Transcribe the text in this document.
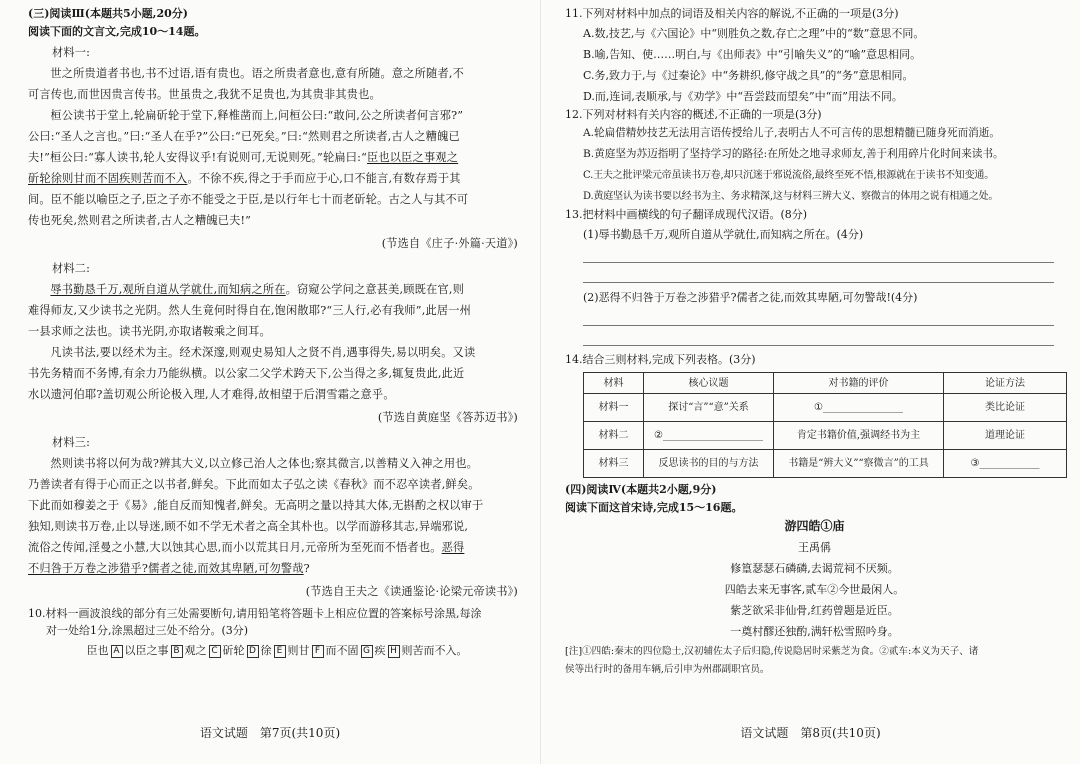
(三)阅读Ⅲ(本题共5小题,20分)

阅读下面的文言文,完成10～14题。

材料一:

世之所贵道者书也,书不过语,语有贵也。语之所贵者意也,意有所随。意之所随者,不

可言传也,而世因贵言传书。世虽贵之,我犹不足贵也,为其贵非其贵也。

桓公读书于堂上,轮扁斫轮于堂下,释椎凿而上,问桓公曰:“敢问,公之所读者何言邪?”

公曰:“圣人之言也。”曰:“圣人在乎?”公曰:“已死矣。”曰:“然则君之所读者,古人之糟魄已

夫!”桓公曰:“寡人读书,轮人安得议乎!有说则可,无说则死。”轮扁曰:“臣也以臣之事观之

斫轮徐则甘而不固疾则苦而不入。不徐不疾,得之于手而应于心,口不能言,有数存焉于其

间。臣不能以喻臣之子,臣之子亦不能受之于臣,是以行年七十而老斫轮。古之人与其不可

传也死矣,然则君之所读者,古人之糟魄已夫!”

(节选自《庄子·外篇·天道》)

材料二:

辱书勤恳千万,观所自道从学就仕,而知病之所在。窃窥公学问之意甚美,顾既在官,则

难得师友,又少读书之光阴。然人生竟何时得自在,饱闲散耶?“三人行,必有我师”,此居一州

一县求师之法也。读书光阴,亦取诸鞍乘之间耳。

凡读书法,要以经术为主。经术深邃,则观史易知人之贤不肖,遇事得失,易以明矣。又读

书先务精而不务博,有余力乃能纵横。以公家二父学术跨天下,公当得之多,辄复贵此,此近

水以遗河伯耶?盖切观公所论极入理,人才难得,故相望于后渭雪霜之意乎。

(节选自黄庭坚《答苏迈书》)

材料三:

然则读书将以何为哉?辨其大义,以立修己治人之体也;察其微言,以善精义入神之用也。

乃善读者有得于心而正之以书者,鲜矣。下此而如太子弘之读《春秋》而不忍卒读者,鲜矣。

下此而如穆姜之于《易》,能自反而知愧者,鲜矣。无高明之量以持其大体,无斟酌之权以审于

独知,则读书万卷,止以导迷,顾不如不学无术者之高全其朴也。以学而游移其志,异端邪说,

流俗之传闻,淫曼之小慧,大以蚀其心思,而小以荒其日月,元帝所为至死而不悟者也。恶得

不归咎于万卷之涉猎乎?儒者之徒,而效其卑陋,可勿警哉?

(节选自王夫之《读通鉴论·论梁元帝读书》)

10.材料一画波浪线的部分有三处需要断句,请用铅笔将答题卡上相应位置的答案标号涂黑,每涂

对一处给1分,涂黑超过三处不给分。(3分)

臣也 A 以臣之事 B 观之 C 斫轮 D 徐 E 则甘 F 而不固 G 疾 H 则苦而不入。
语文试题　第7页(共10页)

11.下列对材料中加点的词语及相关内容的解说,不正确的一项是(3分)

A.数,技艺,与《六国论》中“则胜负之数,存亡之理”中的“数”意思不同。

B.喻,告知、使……明白,与《出师表》中“引喻失义”的“喻”意思相同。

C.务,致力于,与《过秦论》中“务耕织,修守战之具”的“务”意思相同。

D.而,连词,表顺承,与《劝学》中“吾尝跂而望矣”中“而”用法不同。

12.下列对材料有关内容的概述,不正确的一项是(3分)

A.轮扁借精妙技艺无法用言语传授给儿子,表明古人不可言传的思想精髓已随身死而消逝。

B.黄庭坚为苏迈指明了坚持学习的路径:在所处之地寻求师友,善于利用碎片化时间来读书。

C.王夫之批评梁元帝虽读书万卷,却只沉迷于邪说流俗,最终至死不悟,根源就在于读书不知变通。

D.黄庭坚认为读书要以经书为主、务求精深,这与材料三辨大义、察微言的体用之说有相通之处。

13.把材料中画横线的句子翻译成现代汉语。(8分)

(1)辱书勤恳千万,观所自道从学就仕,而知病之所在。(4分)

(2)恶得不归咎于万卷之涉猎乎?儒者之徒,而效其卑陋,可勿警哉!(4分)

14.结合三则材料,完成下列表格。(3分)

材料	核心议题	对书籍的评价	论证方法
材料一	探讨“言”“意”关系	①________________	类比论证
材料二	②____________________	肯定书籍价值,强调经书为主	道理论证
材料三	反思读书的目的与方法	书籍是“辨大义”“察微言”的工具	③____________

(四)阅读Ⅳ(本题共2小题,9分)

阅读下面这首宋诗,完成15～16题。

游四皓①庙

王禹偁

修篁瑟瑟石磷磷,去谒荒祠不厌频。

四皓去来无事客,贰车②今世最闲人。

紫芝欲采非仙骨,红药曾题是近臣。

一奠村醪还独酌,满轩松雪照吟身。

[注]①四皓:秦末的四位隐士,汉初辅佐太子后归隐,传说隐居时采紫芝为食。②贰车:本义为天子、诸

侯等出行时的备用车辆,后引申为州郡副职官员。

语文试题　第8页(共10页)
